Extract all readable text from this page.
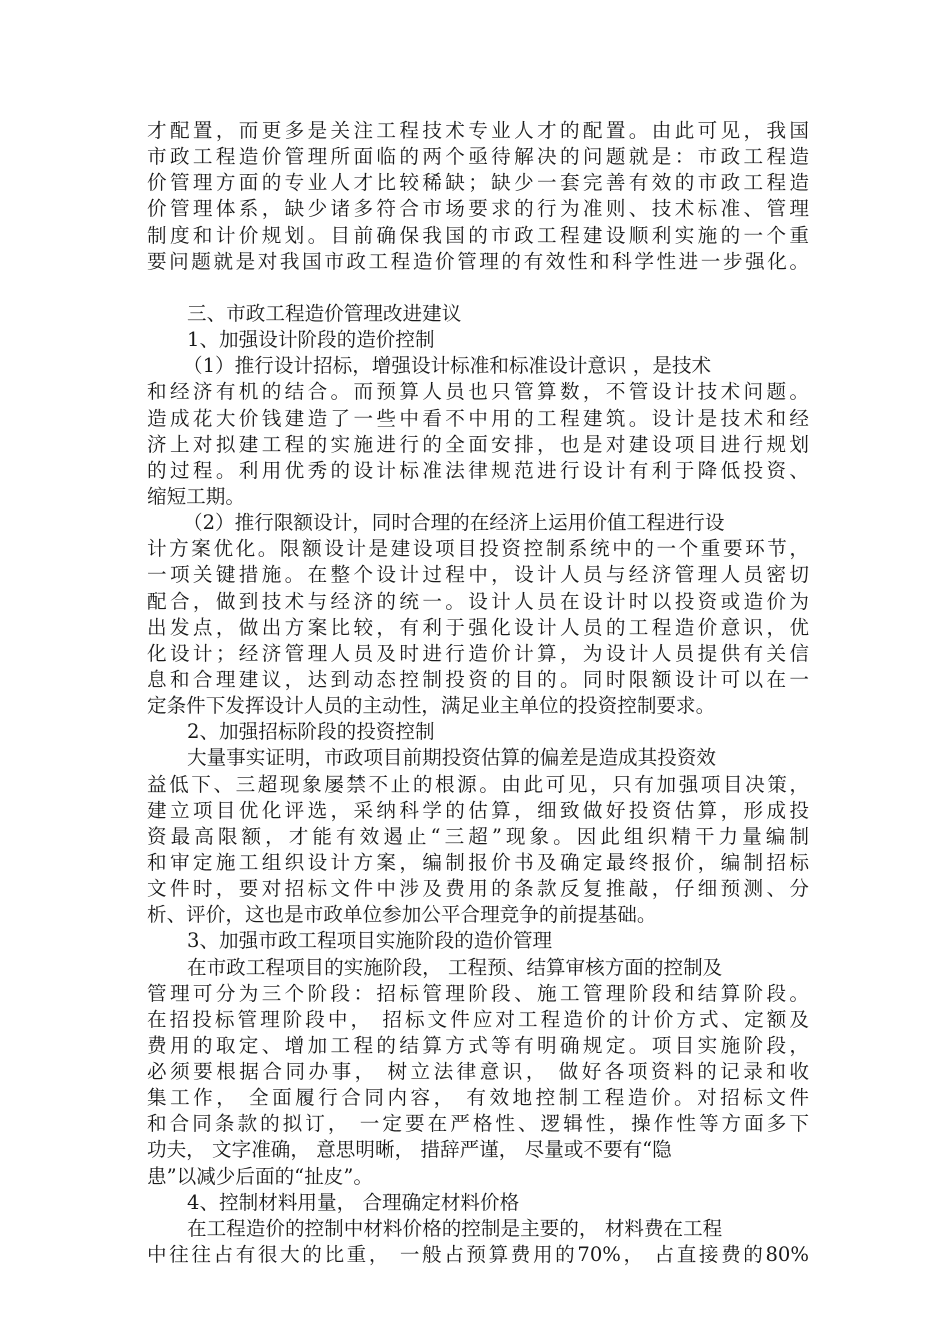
才配置，而更多是关注工程技术专业人才的配置。由此可见，我国
市政工程造价管理所面临的两个亟待解决的问题就是：市政工程造
价管理方面的专业人才比较稀缺；缺少一套完善有效的市政工程造
价管理体系，缺少诸多符合市场要求的行为准则、技术标准、管理
制度和计价规划。目前确保我国的市政工程建设顺利实施的一个重
要问题就是对我国市政工程造价管理的有效性和科学性进一步强化。
三、市政工程造价管理改进建议
1、加强设计阶段的造价控制
（1）推行设计招标，增强设计标准和标准设计意识 ，是技术
和经济有机的结合。而预算人员也只管算数，不管设计技术问题。
造成花大价钱建造了一些中看不中用的工程建筑。设计是技术和经
济上对拟建工程的实施进行的全面安排，也是对建设项目进行规划
的过程。利用优秀的设计标准法律规范进行设计有利于降低投资、
缩短工期。
（2）推行限额设计，同时合理的在经济上运用价值工程进行设
计方案优化。限额设计是建设项目投资控制系统中的一个重要环节，
一项关键措施。在整个设计过程中，设计人员与经济管理人员密切
配合，做到技术与经济的统一。设计人员在设计时以投资或造价为
出发点，做出方案比较，有利于强化设计人员的工程造价意识，优
化设计；经济管理人员及时进行造价计算，为设计人员提供有关信
息和合理建议，达到动态控制投资的目的。同时限额设计可以在一
定条件下发挥设计人员的主动性，满足业主单位的投资控制要求。
2、加强招标阶段的投资控制
大量事实证明，市政项目前期投资估算的偏差是造成其投资效
益低下、三超现象屡禁不止的根源。由此可见，只有加强项目决策，
建立项目优化评选，采纳科学的估算，细致做好投资估算，形成投
资最高限额，才能有效遏止“三超”现象。因此组织精干力量编制
和审定施工组织设计方案，编制报价书及确定最终报价，编制招标
文件时，要对招标文件中涉及费用的条款反复推敲，仔细预测、分
析、评价，这也是市政单位参加公平合理竞争的前提基础。
3、加强市政工程项目实施阶段的造价管理
在市政工程项目的实施阶段， 工程预、结算审核方面的控制及
管理可分为三个阶段：招标管理阶段、施工管理阶段和结算阶段。
在招投标管理阶段中， 招标文件应对工程造价的计价方式、定额及
费用的取定、增加工程的结算方式等有明确规定。项目实施阶段，
必须要根据合同办事， 树立法律意识， 做好各项资料的记录和收
集工作， 全面履行合同内容， 有效地控制工程造价。对招标文件
和合同条款的拟订， 一定要在严格性、逻辑性，操作性等方面多下
功夫， 文字准确， 意思明晰， 措辞严谨， 尽量或不要有“隐
患”以减少后面的“扯皮”。
4、控制材料用量， 合理确定材料价格
在工程造价的控制中材料价格的控制是主要的， 材料费在工程
中往往占有很大的比重， 一般占预算费用的70%， 占直接费的80%
